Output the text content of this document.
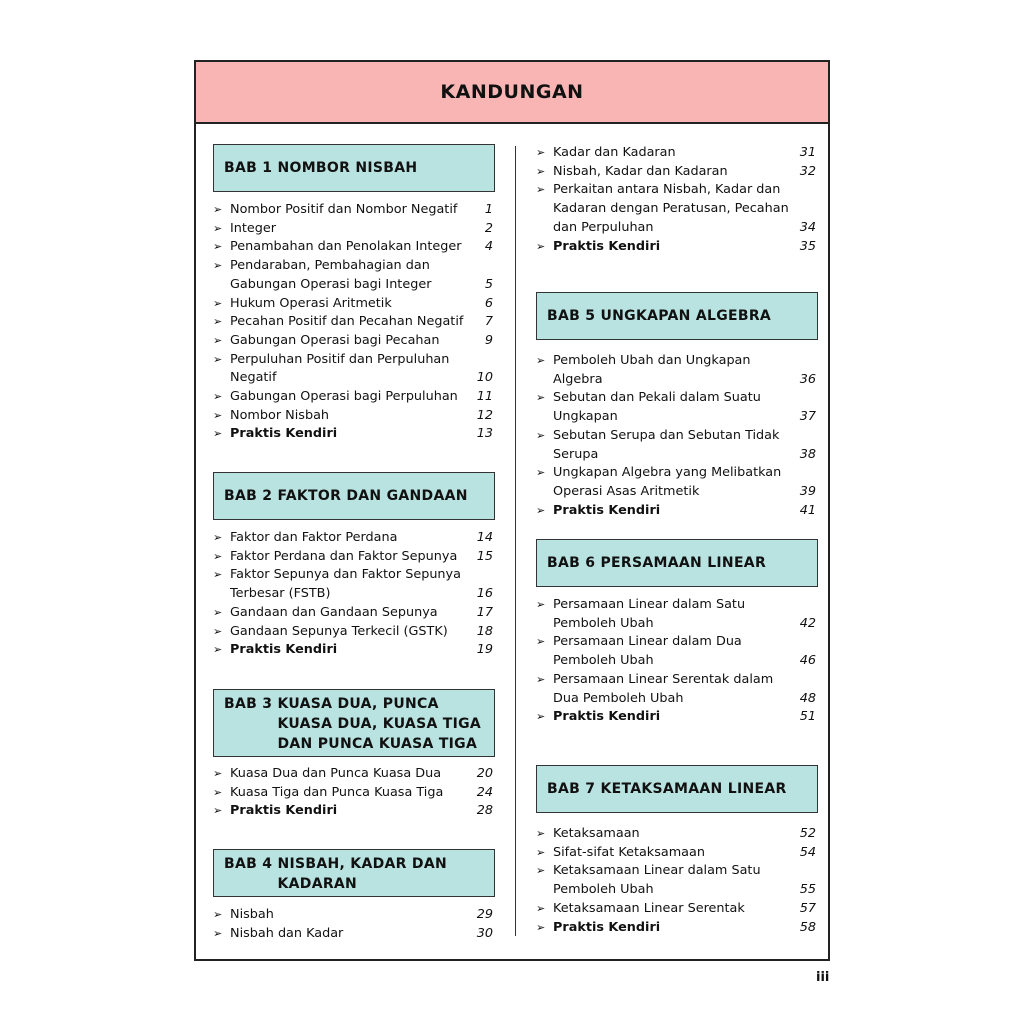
KANDUNGAN
BAB 1
NOMBOR NISBAH
➢ Nombor Positif dan Nombor Negatif 1
➢ Integer	2
➢ Penambahan dan Penolakan Integer 4
➢ Pendaraban, Pembahagian dan Gabungan Operasi bagi Integer	5
➢ Hukum Operasi Aritmetik	6
➢ Pecahan Positif dan Pecahan Negatif 7
➢ Gabungan Operasi bagi Pecahan	9
➢ Perpuluhan Positif dan Perpuluhan Negatif	10
➢ Gabungan Operasi bagi Perpuluhan 11
➢ Nombor Nisbah	12
➢ Praktis Kendiri	13
BAB 2
FAKTOR DAN GANDAAN
➢ Faktor dan Faktor Perdana	14
➢ Faktor Perdana dan Faktor Sepunya 15
➢ Faktor Sepunya dan Faktor Sepunya Terbesar (FSTB)	16
➢ Gandaan dan Gandaan Sepunya	17
➢ Gandaan Sepunya Terkecil (GSTK) 18
➢ Praktis Kendiri	19
BAB 3 KUASA DUA, PUNCA KUASA DUA, KUASA TIGA DAN PUNCA KUASA TIGA
➢ Kuasa Dua dan Punca Kuasa Dua	20
➢ Kuasa Tiga dan Punca Kuasa Tiga	24
➢ Praktis Kendiri	28
BAB 4 NISBAH, KADAR DAN KADARAN
➢ Nisbah	29
➢ Nisbah dan Kadar	30
➢ Kadar dan Kadaran	31
➢ Nisbah, Kadar dan Kadaran	32
➢ Perkaitan antara Nisbah, Kadar dan Kadaran dengan Peratusan, Pecahan dan Perpuluhan	34
➢ Praktis Kendiri	35
BAB 5
UNGKAPAN ALGEBRA
➢ Pemboleh Ubah dan Ungkapan Algebra	36
➢ Sebutan dan Pekali dalam Suatu Ungkapan	37
➢ Sebutan Serupa dan Sebutan Tidak Serupa	38
➢ Ungkapan Algebra yang Melibatkan Operasi Asas Aritmetik	39
➢ Praktis Kendiri	41
BAB 6
PERSAMAAN LINEAR
➢ Persamaan Linear dalam Satu Pemboleh Ubah	42
➢ Persamaan Linear dalam Dua Pemboleh Ubah	46
➢ Persamaan Linear Serentak dalam Dua Pemboleh Ubah	48
➢ Praktis Kendiri	51
BAB 7
KETAKSAMAAN LINEAR
➢ Ketaksamaan	52
➢ Sifat-sifat Ketaksamaan	54
➢ Ketaksamaan Linear dalam Satu Pemboleh Ubah	55
➢ Ketaksamaan Linear Serentak	57
➢ Praktis Kendiri	58
iii
